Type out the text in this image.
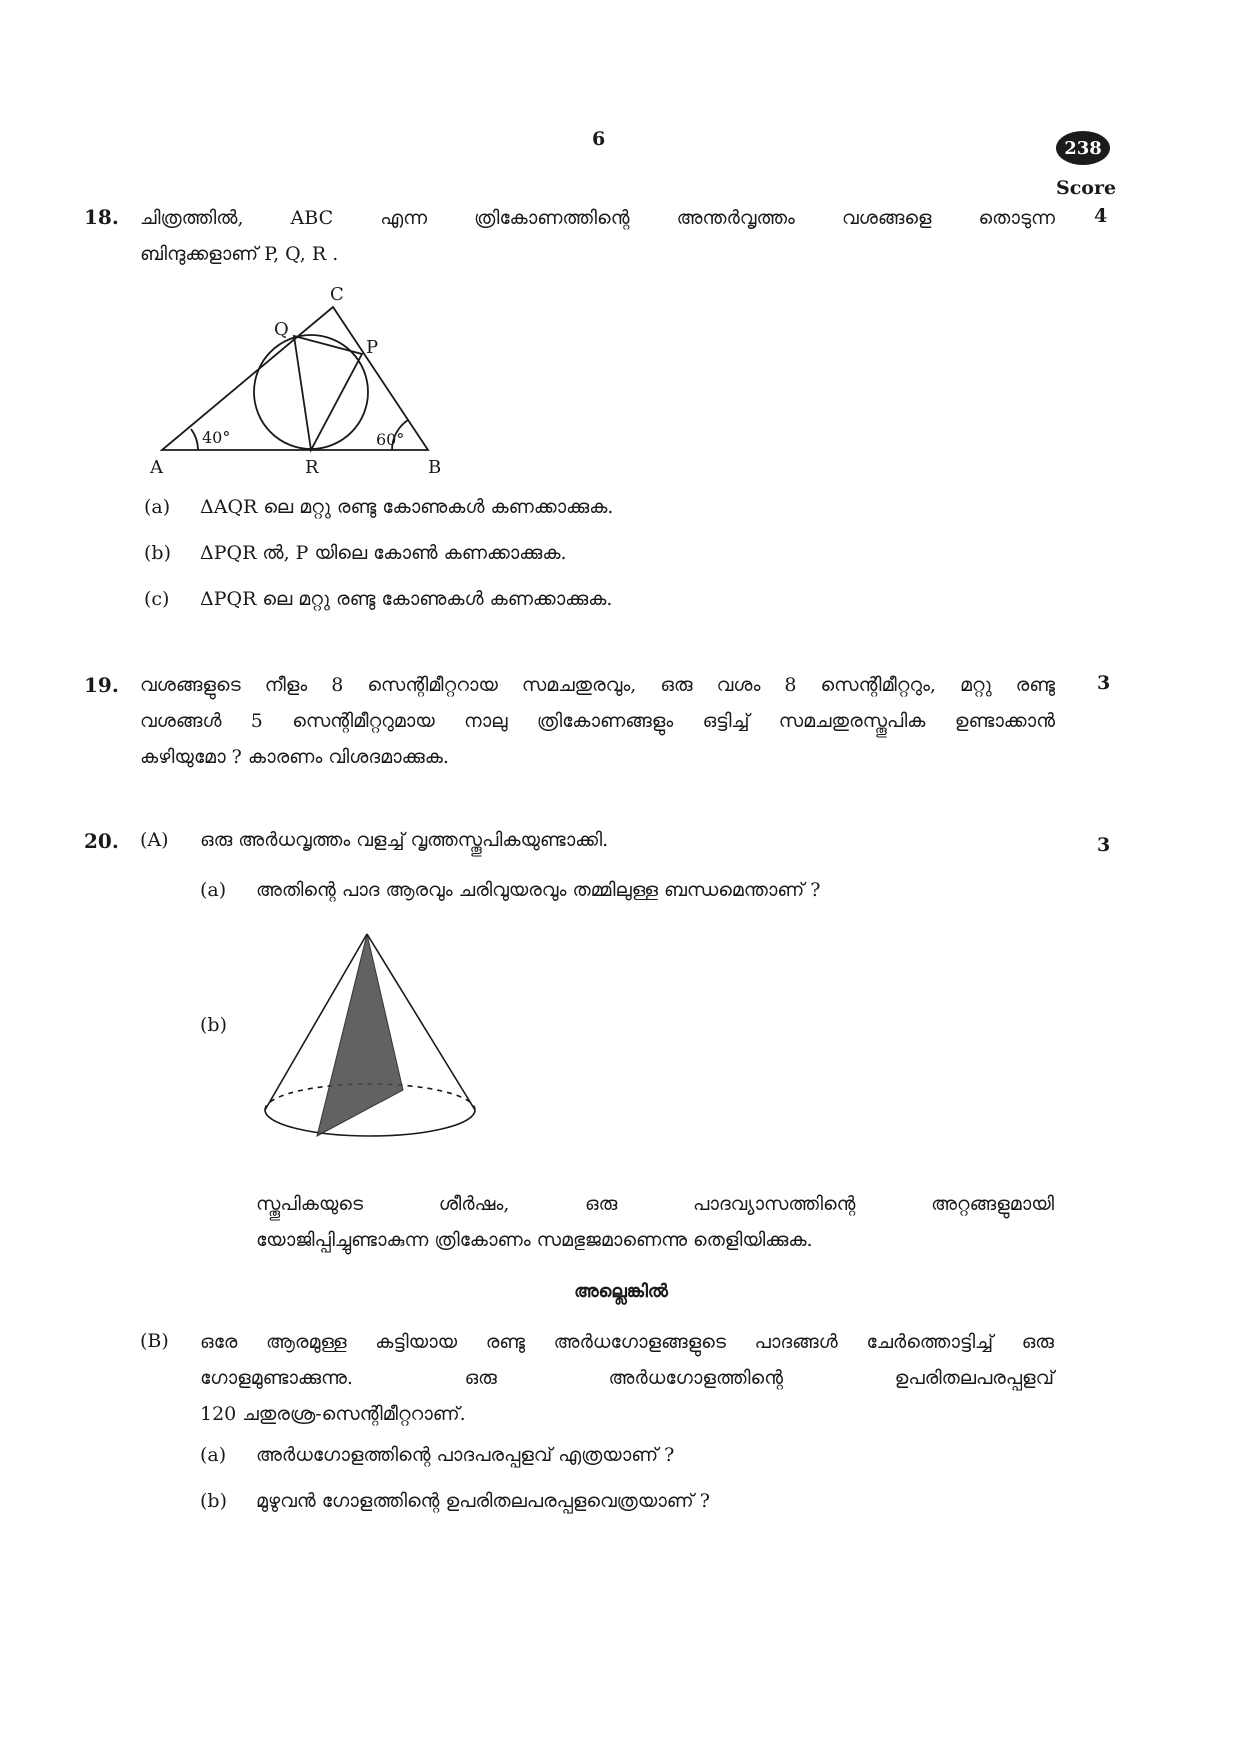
6	238
Score
18. ചിത്രത്തിൽ, ABC എന്ന ത്രികോണത്തിന്റെ അന്തർവൃത്തം വശങ്ങളെ തൊടുന്ന
ബിന്ദുക്കളാണ് P, Q, R .
4
A	B
C
P
Q
R
40°	60°
(a) ΔAQR ലെ മറ്റു രണ്ടു കോണുകൾ കണക്കാക്കുക.
(b) ΔPQR ൽ, P യിലെ കോൺ കണക്കാക്കുക.
(c) ΔPQR ലെ മറ്റു രണ്ടു കോണുകൾ കണക്കാക്കുക.
19. വശങ്ങളുടെ നീളം 8 സെന്റിമീറ്ററായ സമചതുരവും, ഒരു വശം 8 സെന്റിമീറ്ററും, മറ്റു രണ്ടു
വശങ്ങൾ 5 സെന്റിമീറ്ററുമായ നാലു ത്രികോണങ്ങളും ഒട്ടിച്ച് സമചതുരസ്തൂപിക ഉണ്ടാക്കാൻ
കഴിയുമോ ? കാരണം വിശദമാക്കുക.
3
20. (A) ഒരു അർധവൃത്തം വളച്ച് വൃത്തസ്തൂപികയുണ്ടാക്കി.	3
(a) അതിന്റെ പാദ ആരവും ചരിവുയരവും തമ്മിലുള്ള ബന്ധമെന്താണ് ?
(b)
സ്തൂപികയുടെ ശീർഷം, ഒരു പാദവ്യാസത്തിന്റെ അറ്റങ്ങളുമായി
യോജിപ്പിച്ചുണ്ടാകുന്ന ത്രികോണം സമഭുജമാണെന്നു തെളിയിക്കുക.
അല്ലെങ്കിൽ
(B) ഒരേ ആരമുള്ള കട്ടിയായ രണ്ടു അർധഗോളങ്ങളുടെ പാദങ്ങൾ ചേർത്തൊട്ടിച്ച് ഒരു
ഗോളമുണ്ടാക്കുന്നു. ഒരു അർധഗോളത്തിന്റെ ഉപരിതലപരപ്പളവ്
120 ചതുരശ്ര-സെന്റിമീറ്ററാണ്.
(a) അർധഗോളത്തിന്റെ പാദപരപ്പളവ് എത്രയാണ് ?
(b) മുഴുവൻ ഗോളത്തിന്റെ ഉപരിതലപരപ്പളവെത്രയാണ് ?
